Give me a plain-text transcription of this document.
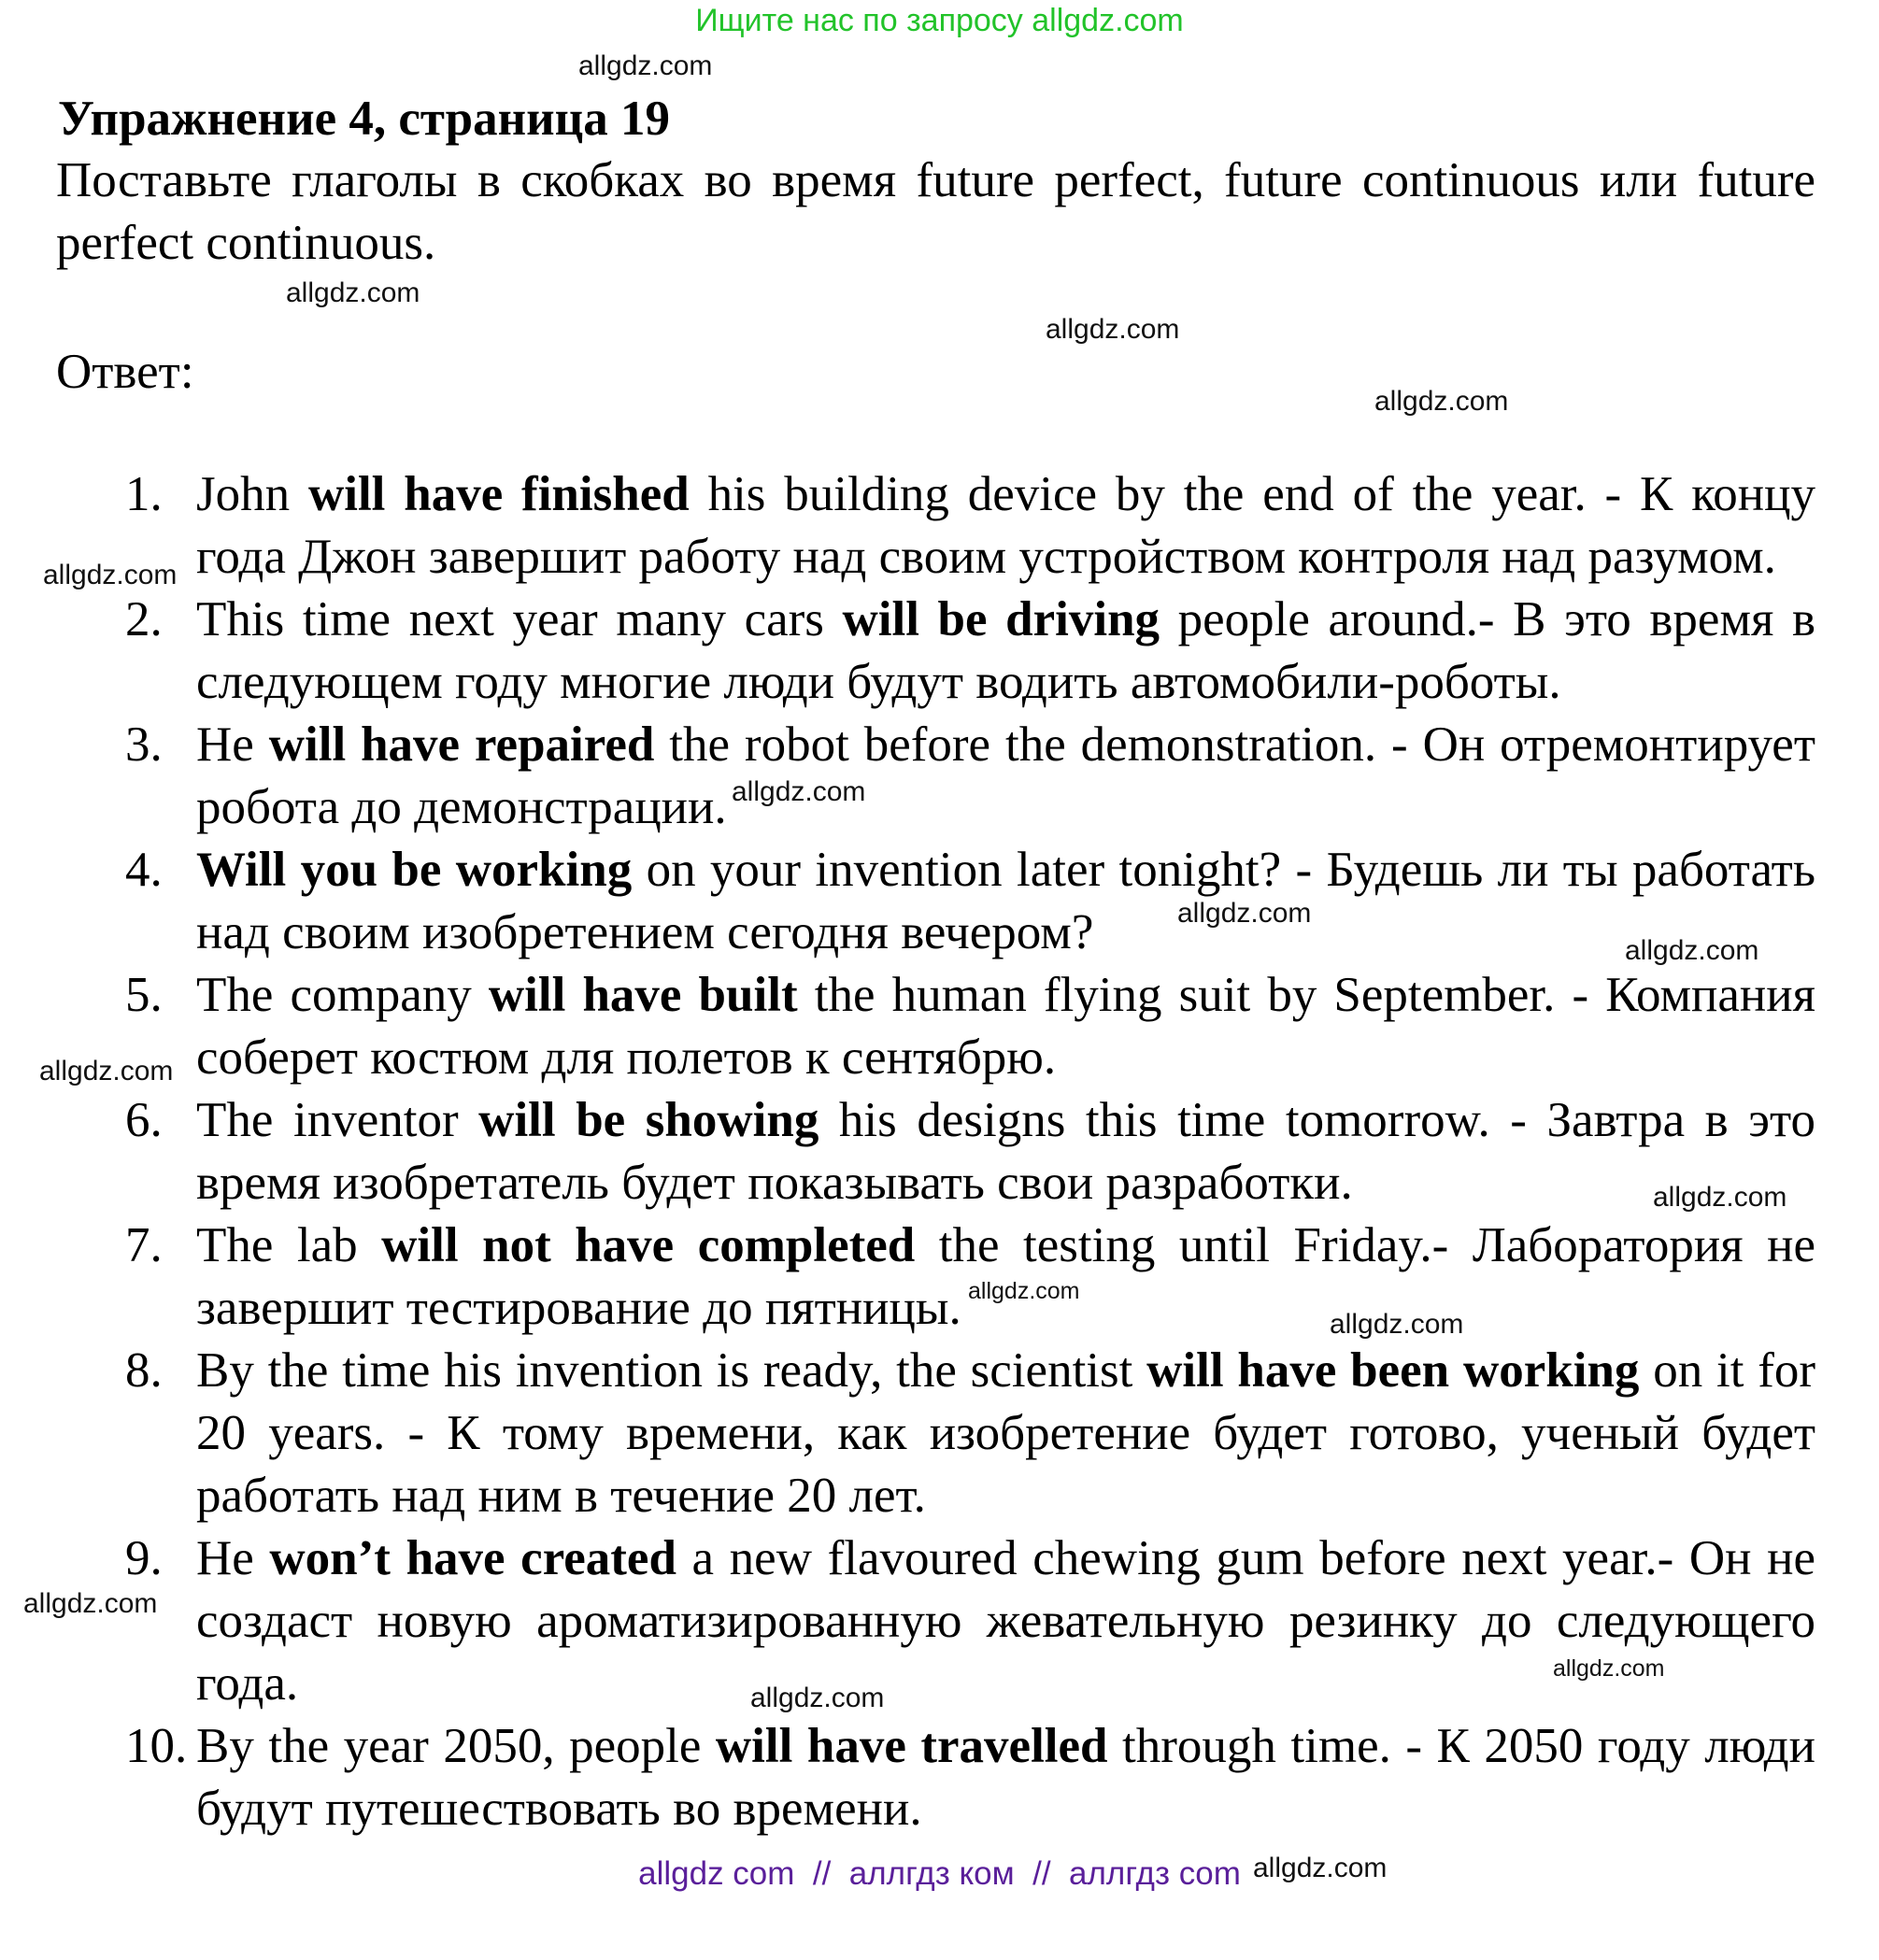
Ищите нас по запросу allgdz.com
Упражнение 4, страница 19
Поставьте глаголы в скобках во время future perfect, future continuous или future perfect continuous.
Ответ:
1. John will have finished his building device by the end of the year. - К концу года Джон завершит работу над своим устройством контроля над разумом.
2. This time next year many cars will be driving people around.- В это время в следующем году многие люди будут водить автомобили-роботы.
3. He will have repaired the robot before the demonstration. - Он отремонтирует робота до демонстрации.
4. Will you be working on your invention later tonight? - Будешь ли ты работать над своим изобретением сегодня вечером?
5. The company will have built the human flying suit by September. - Компания соберет костюм для полетов к сентябрю.
6. The inventor will be showing his designs this time tomorrow. - Завтра в это время изобретатель будет показывать свои разработки.
7. The lab will not have completed the testing until Friday.- Лаборатория не завершит тестирование до пятницы.
8. By the time his invention is ready, the scientist will have been working on it for 20 years. - К тому времени, как изобретение будет готово, ученый будет работать над ним в течение 20 лет.
9. He won’t have created a new flavoured chewing gum before next year.- Он не создаст новую ароматизированную жевательную резинку до следующего года.
10. By the year 2050, people will have travelled through time. - К 2050 году люди будут путешествовать во времени.
allgdz com  //  аллгдз ком  //  аллгдз com
allgdz.com
allgdz.com
allgdz.com
allgdz.com
allgdz.com
allgdz.com
allgdz.com
allgdz.com
allgdz.com
allgdz.com
allgdz.com
allgdz.com
allgdz.com
allgdz.com
allgdz.com
allgdz.com
